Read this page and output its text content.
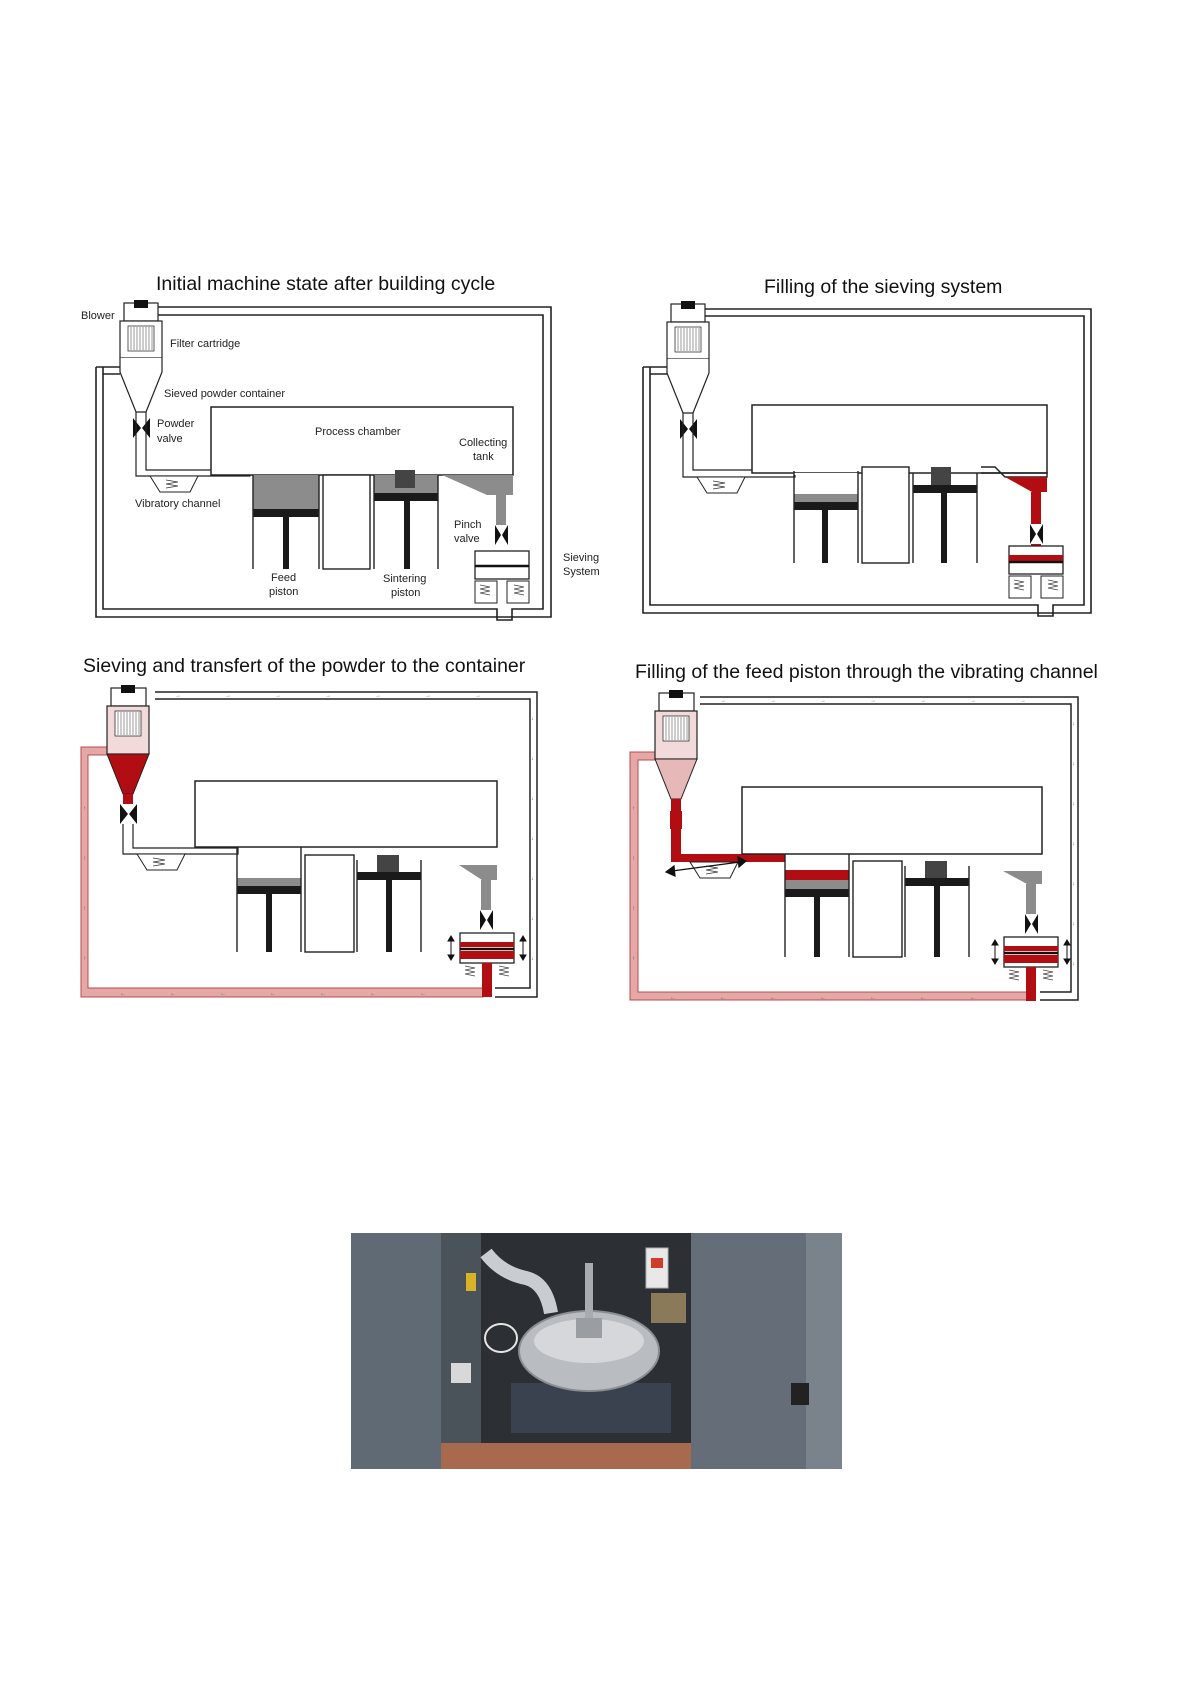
Initial machine state after building cycle
Blower
Filter cartridge
Sieved powder container
Powder
valve
Process chamber
Collecting
tank
Vibratory channel
Pinch
valve
Sieving
System
Feed
piston
Sintering
piston
Filling of the sieving system
Sieving and transfert of the powder to the container
→	→	→	→	→	→	→
↓
↓
↓
↓
↓
↓
↓
←	←	←	←	←	←	←
↑
↑
↑
↑
Filling of the feed piston through the vibrating channel
→	→	→	→	→	→	→
↓
↓
↓
↓
↓
↓
↓
←	←	←	←	←	←	←
↑
↑
↑
↑
